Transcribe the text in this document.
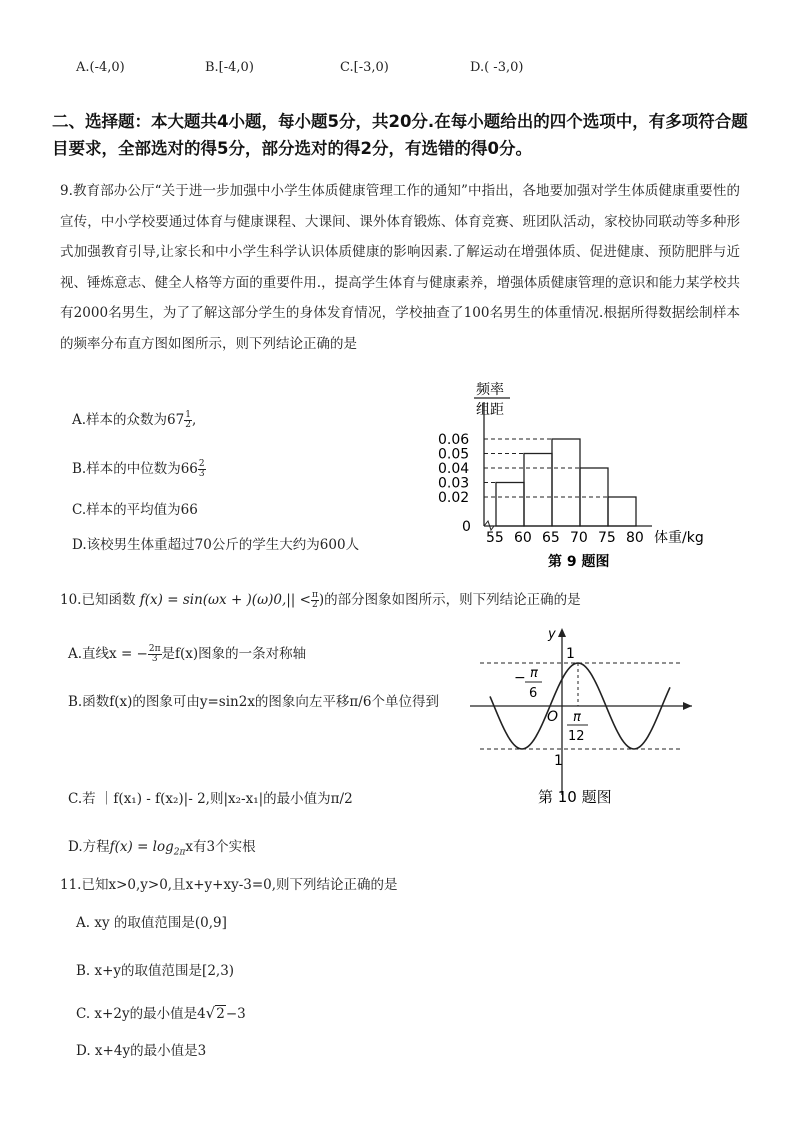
A.(-4,0)	B.[-4,0)	C.[-3,0)	D.( -3,0)
二、选择题：本大题共4小题，每小题5分，共20分.在每小题给出的四个选项中，有多项符合题目要求，全部选对的得5分，部分选对的得2分，有选错的得0分。
9.教育部办公厅“关于进一步加强中小学生体质健康管理工作的通知”中指出，各地要加强对学生体质健康重要性的宣传，中小学校要通过体育与健康课程、大课间、课外体育锻炼、体育竞赛、班团队活动，家校协同联动等多种形式加强教育引导,让家长和中小学生科学认识体质健康的影响因素.了解运动在增强体质、促进健康、预防肥胖与近视、锤炼意志、健全人格等方面的重要件用.，提高学生体育与健康素养，增强体质健康管理的意识和能力某学校共有2000名男生，为了了解这部分学生的身体发育情况，学校抽查了100名男生的体重情况.根据所得数据绘制样本的频率分布直方图如图所示，则下列结论正确的是
A.样本的众数为$67 \frac{1}{2}$ ,
B.样本的中位数为$66 \frac{2}{3}$
C.样本的平均值为66
D.该校男生体重超过70公斤的学生大约为600人
频率
组距
0.06
0.05
0.04
0.03
0.02
0
55 60 65 70 75 80 体重/kg
第 9 题图
10.已知函数 $f(x) = \sin(\omega x + )(\omega)0,|| < \frac{\pi}{2}$ )的部分图象如图所示，则下列结论正确的是
A.直线x = − $\frac{2\pi}{3}$ 是f(x)图象的一条对称轴
B.函数f(x)的图象可由y=sin2x的图象向左平移π/6个单位得到
C.若 ｜f(x₁) - f(x₂)|- 2,则|x₂-x₁|的最小值为π/2
D.方程$f(x) = \log_{2\pi}x$有3个实根
y
1
1
O
− π
6
π
12
第 10 题图
11.已知x>0,y>0,且x+y+xy-3=0,则下列结论正确的是
A. xy 的取值范围是(0,9]
B. x+y的取值范围是[2,3)
C. x+2y的最小值是4√2−3
D. x+4y的最小值是3
